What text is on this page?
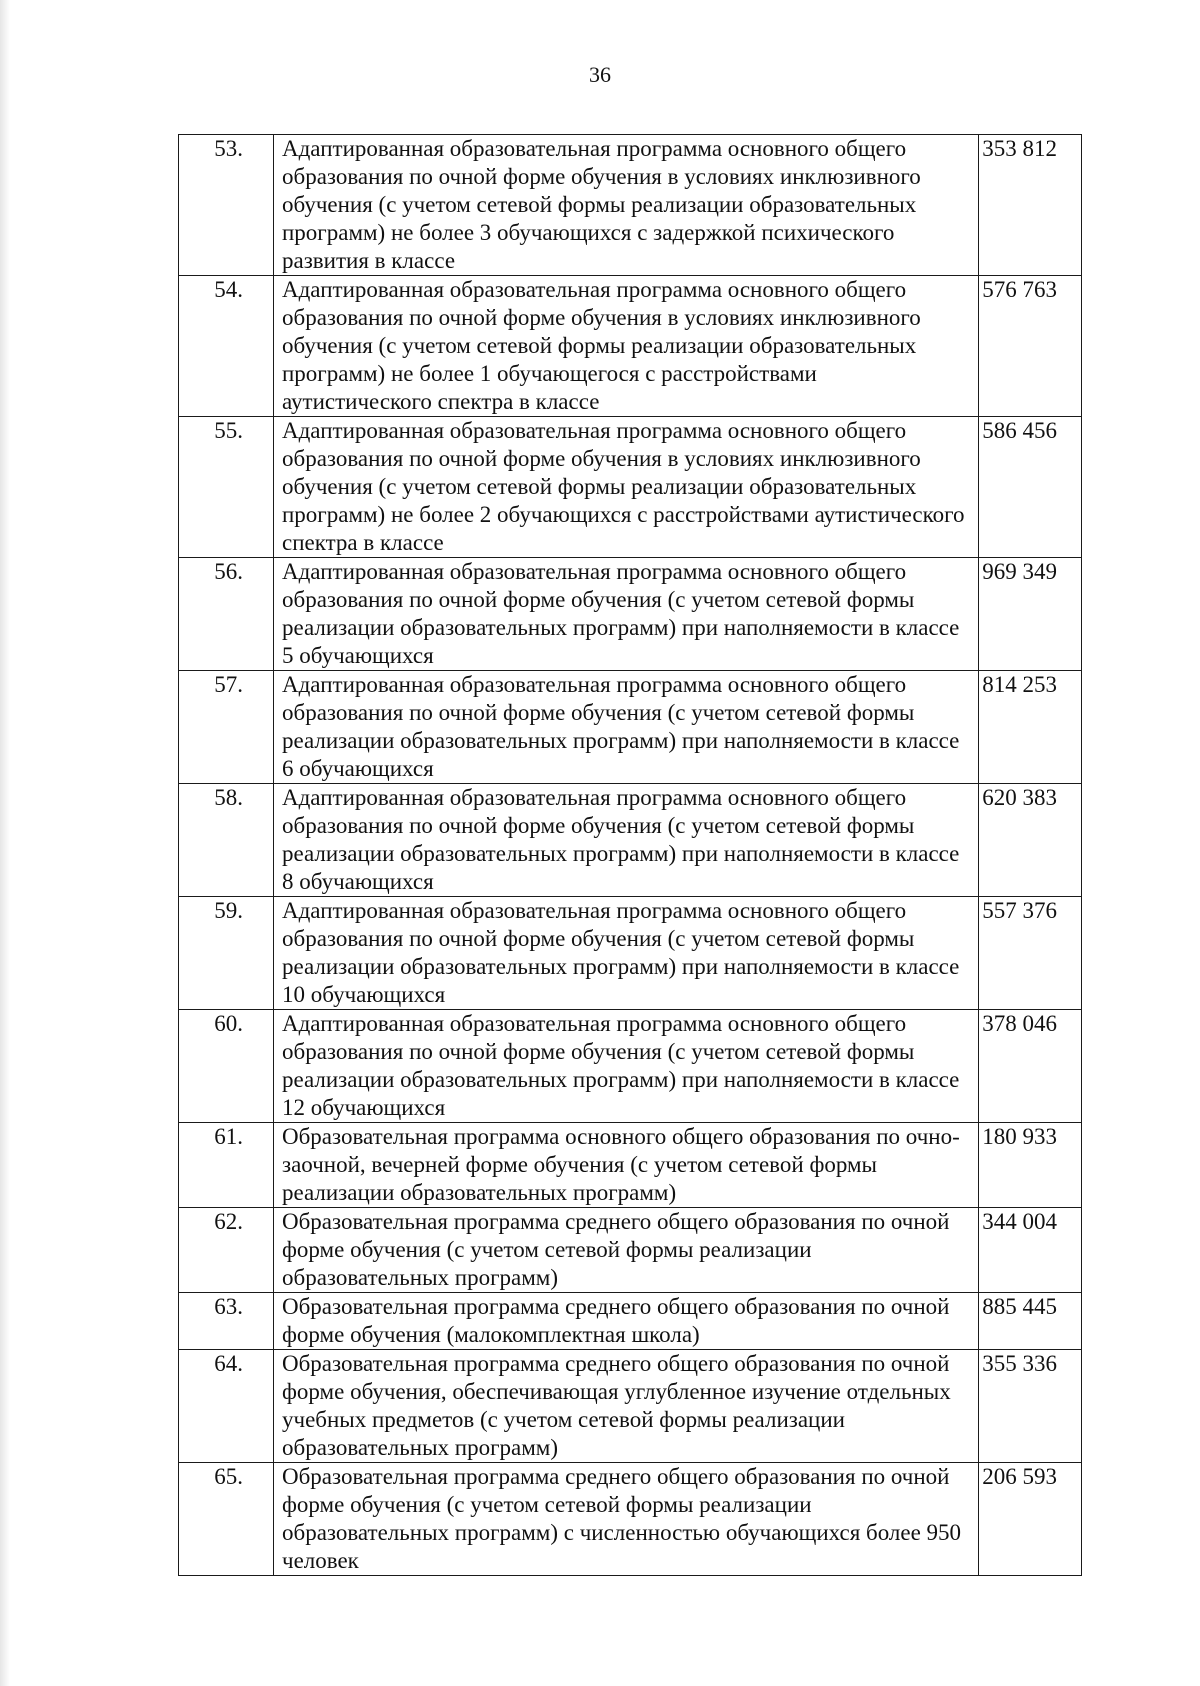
36
53.	Адаптированная образовательная программа основного общего образования по очной форме обучения в условиях инклюзивного обучения (с учетом сетевой формы реализации образовательных программ) не более 3 обучающихся с задержкой психического развития в классе	353 812
54.	Адаптированная образовательная программа основного общего образования по очной форме обучения в условиях инклюзивного обучения (с учетом сетевой формы реализации образовательных программ) не более 1 обучающегося с расстройствами аутистического спектра в классе	576 763
55.	Адаптированная образовательная программа основного общего образования по очной форме обучения в условиях инклюзивного обучения (с учетом сетевой формы реализации образовательных программ) не более 2 обучающихся с расстройствами аутистического спектра в классе	586 456
56.	Адаптированная образовательная программа основного общего образования по очной форме обучения (с учетом сетевой формы реализации образовательных программ) при наполняемости в классе 5 обучающихся	969 349
57.	Адаптированная образовательная программа основного общего образования по очной форме обучения (с учетом сетевой формы реализации образовательных программ) при наполняемости в классе 6 обучающихся	814 253
58.	Адаптированная образовательная программа основного общего образования по очной форме обучения (с учетом сетевой формы реализации образовательных программ) при наполняемости в классе 8 обучающихся	620 383
59.	Адаптированная образовательная программа основного общего образования по очной форме обучения (с учетом сетевой формы реализации образовательных программ) при наполняемости в классе 10 обучающихся	557 376
60.	Адаптированная образовательная программа основного общего образования по очной форме обучения (с учетом сетевой формы реализации образовательных программ) при наполняемости в классе 12 обучающихся	378 046
61.	Образовательная программа основного общего образования по очно-заочной, вечерней форме обучения (с учетом сетевой формы реализации образовательных программ)	180 933
62.	Образовательная программа среднего общего образования по очной форме обучения (с учетом сетевой формы реализации образовательных программ)	344 004
63.	Образовательная программа среднего общего образования по очной форме обучения (малокомплектная школа)	885 445
64.	Образовательная программа среднего общего образования по очной форме обучения, обеспечивающая углубленное изучение отдельных учебных предметов (с учетом сетевой формы реализации образовательных программ)	355 336
65.	Образовательная программа среднего общего образования по очной форме обучения (с учетом сетевой формы реализации образовательных программ) с численностью обучающихся более 950 человек	206 593
